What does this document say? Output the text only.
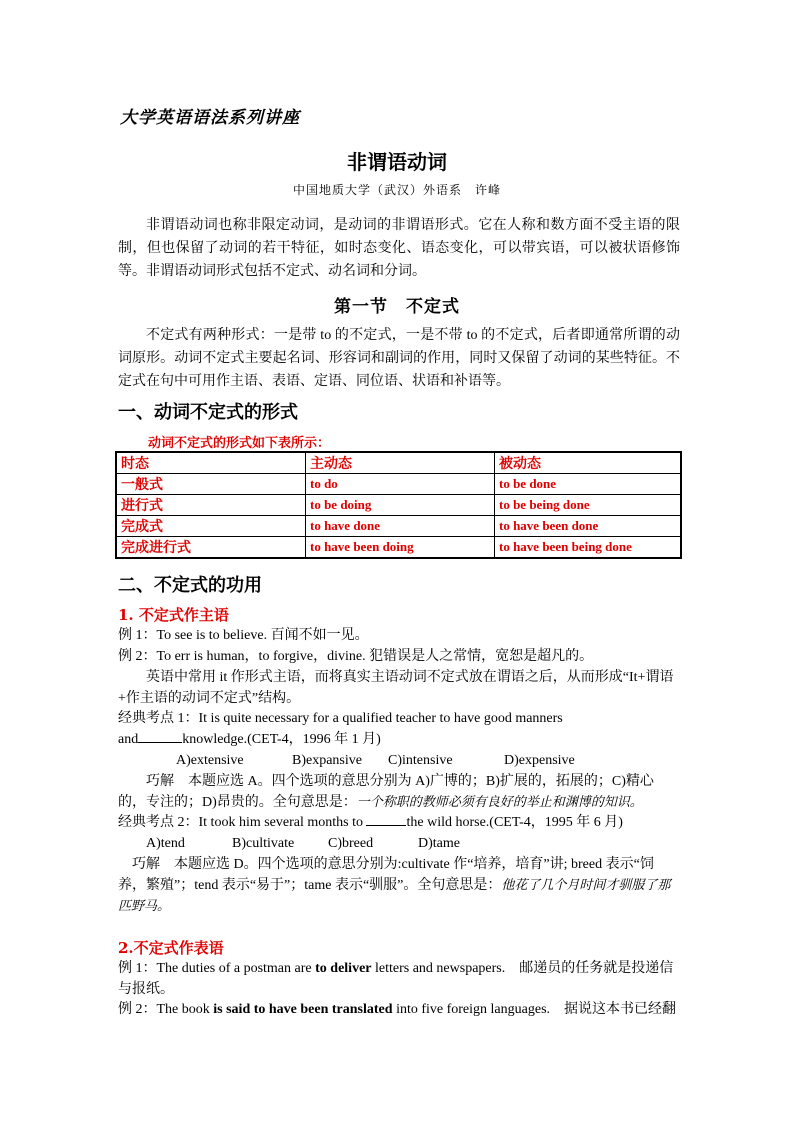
大学英语语法系列讲座
非谓语动词
中国地质大学（武汉）外语系　许峰
非谓语动词也称非限定动词，是动词的非谓语形式。它在人称和数方面不受主语的限制，但也保留了动词的若干特征，如时态变化、语态变化，可以带宾语，可以被状语修饰等。非谓语动词形式包括不定式、动名词和分词。
第一节　不定式
不定式有两种形式：一是带 to 的不定式，一是不带 to 的不定式，后者即通常所谓的动词原形。动词不定式主要起名词、形容词和副词的作用，同时又保留了动词的某些特征。不定式在句中可用作主语、表语、定语、同位语、状语和补语等。
一、动词不定式的形式
动词不定式的形式如下表所示：
时态	主动态	被动态
一般式	to do	to be done
进行式	to be doing	to be being done
完成式	to have done	to have been done
完成进行式	to have been doing	to have been being done
二、不定式的功用
1. 不定式作主语
例 1：To see is to believe. 百闻不如一见。
例 2：To err is human，to forgive，divine. 犯错误是人之常情，宽恕是超凡的。
英语中常用 it 作形式主语，而将真实主语动词不定式放在谓语之后，从而形成“It+谓语+作主语的动词不定式”结构。
经典考点 1：It is quite necessary for a qualified teacher to have good manners
and	knowledge.(CET-4，1996 年 1 月)
A)extensive	B)expansive C)intensive	D)expensive
巧解　本题应选 A。四个选项的意思分别为 A)广博的；B)扩展的，拓展的；C)精心的，专注的；D)昂贵的。全句意思是：一个称职的教师必须有良好的举止和渊博的知识。
经典考点 2：It took him several months to	the wild horse.(CET-4，1995 年 6 月)
A)tend	B)cultivate C)breed	D)tame
巧解　本题应选 D。四个选项的意思分别为:cultivate 作“培养，培育”讲; breed 表示“饲养，繁殖”；tend 表示“易于”；tame 表示“驯服”。全句意思是：他花了几个月时间才驯服了那匹野马。
2.不定式作表语
例 1：The duties of a postman are to deliver letters and newspapers.　邮递员的任务就是投递信与报纸。
例 2：The book is said to have been translated into five foreign languages.　据说这本书已经翻
